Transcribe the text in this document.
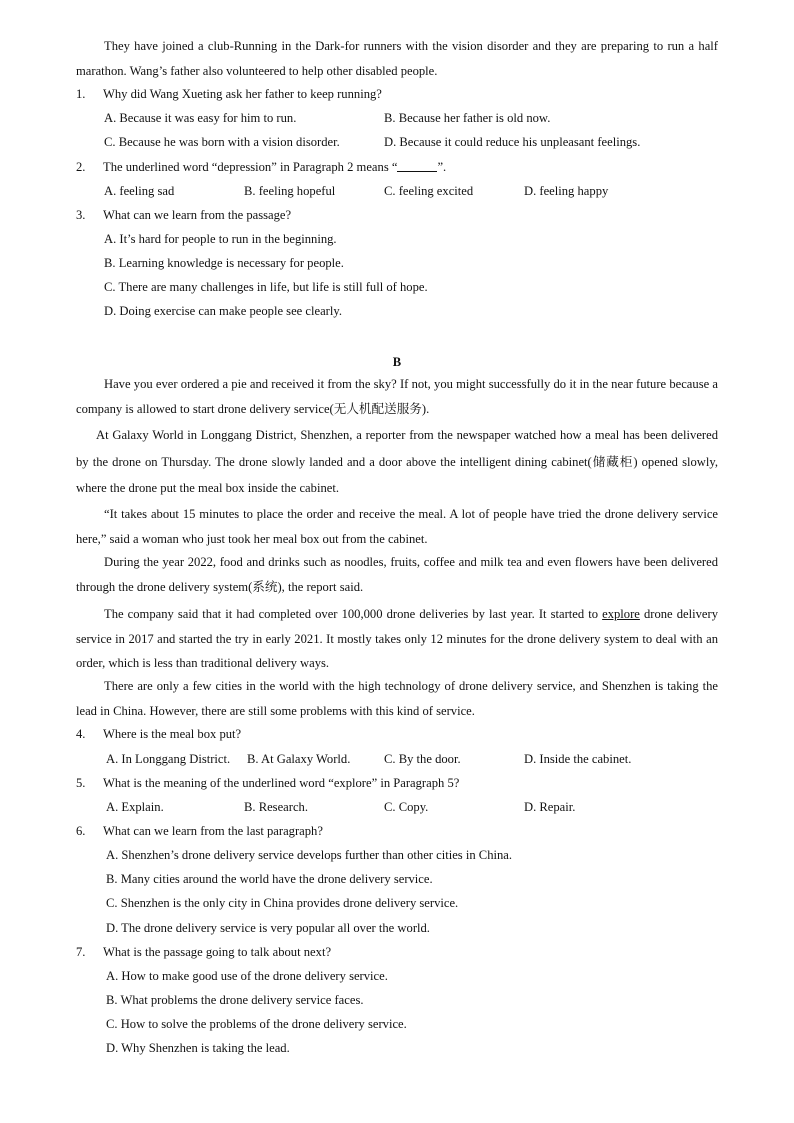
They have joined a club-Running in the Dark-for runners with the vision disorder and they are preparing to run a half marathon. Wang’s father also volunteered to help other disabled people.
1. Why did Wang Xueting ask her father to keep running?
A. Because it was easy for him to run.	B. Because her father is old now.
C. Because he was born with a vision disorder.	D. Because it could reduce his unpleasant feelings.
2. The underlined word “depression” in Paragraph 2 means “	”.
A. feeling sad	B. feeling hopeful	C. feeling excited	D. feeling happy
3. What can we learn from the passage?
A. It’s hard for people to run in the beginning.
B. Learning knowledge is necessary for people.
C. There are many challenges in life, but life is still full of hope.
D. Doing exercise can make people see clearly.
B
Have you ever ordered a pie and received it from the sky? If not, you might successfully do it in the near future because a company is allowed to start drone delivery service(无人机配送服务).
At Galaxy World in Longgang District, Shenzhen, a reporter from the newspaper watched how a meal has been delivered by the drone on Thursday. The drone slowly landed and a door above the intelligent dining cabinet(储藏柜) opened slowly, where the drone put the meal box inside the cabinet.
“It takes about 15 minutes to place the order and receive the meal. A lot of people have tried the drone delivery service here,” said a woman who just took her meal box out from the cabinet.
During the year 2022, food and drinks such as noodles, fruits, coffee and milk tea and even flowers have been delivered through the drone delivery system(系统), the report said.
The company said that it had completed over 100,000 drone deliveries by last year. It started to explore drone delivery service in 2017 and started the try in early 2021. It mostly takes only 12 minutes for the drone delivery system to deal with an order, which is less than traditional delivery ways.
There are only a few cities in the world with the high technology of drone delivery service, and Shenzhen is taking the lead in China. However, there are still some problems with this kind of service.
4. Where is the meal box put?
A. In Longgang District. B. At Galaxy World.	C. By the door.	D. Inside the cabinet.
5. What is the meaning of the underlined word “explore” in Paragraph 5?
A. Explain.	B. Research.	C. Copy.	D. Repair.
6. What can we learn from the last paragraph?
A. Shenzhen’s drone delivery service develops further than other cities in China.
B. Many cities around the world have the drone delivery service.
C. Shenzhen is the only city in China provides drone delivery service.
D. The drone delivery service is very popular all over the world.
7. What is the passage going to talk about next?
A. How to make good use of the drone delivery service.
B. What problems the drone delivery service faces.
C. How to solve the problems of the drone delivery service.
D. Why Shenzhen is taking the lead.
